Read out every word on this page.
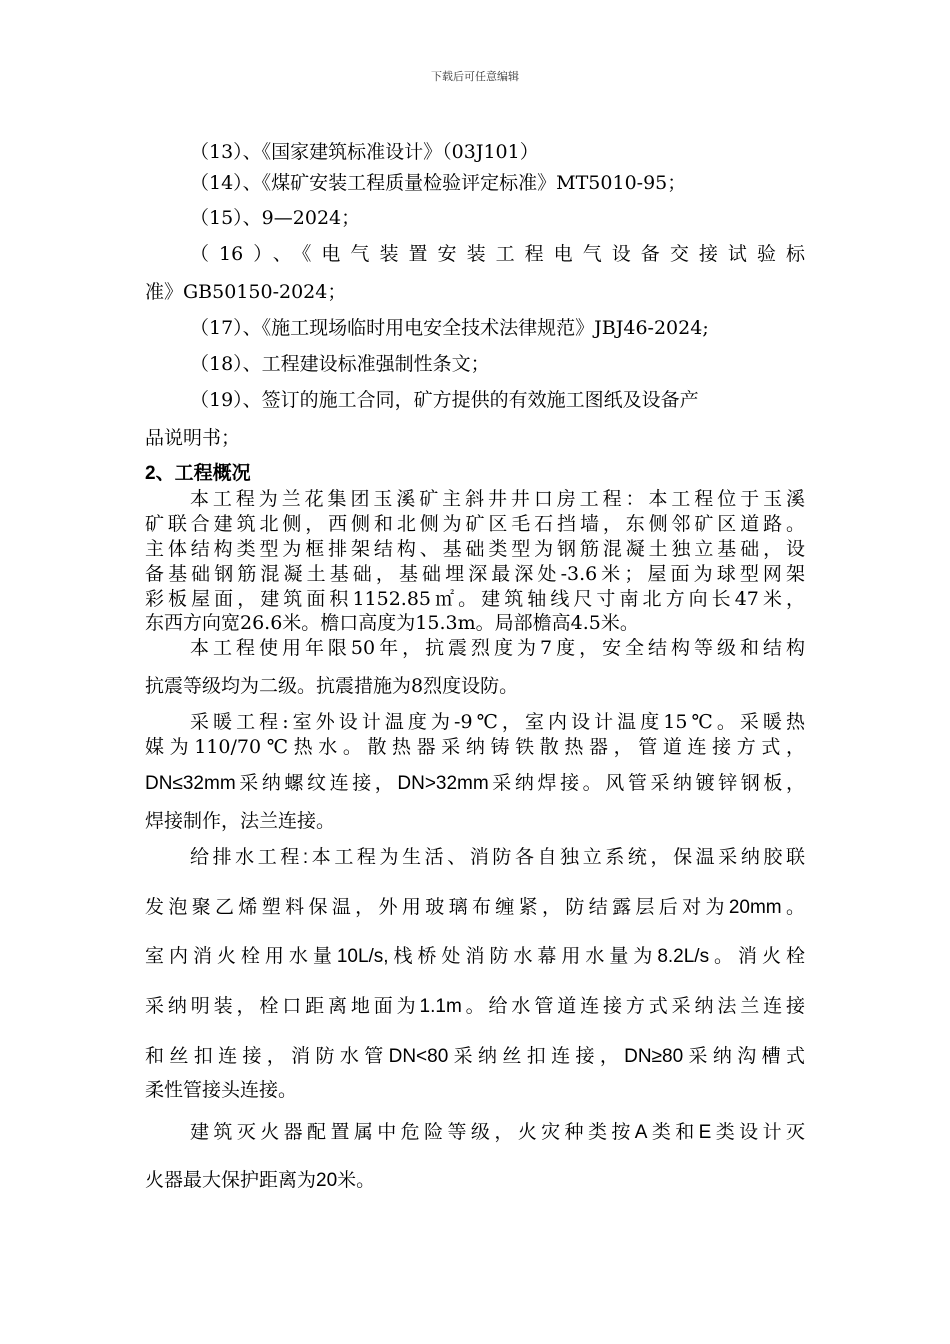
下载后可任意编辑
（13）、《国家建筑标准设计》（03J101）
（14）、《煤矿安装工程质量检验评定标准》MT5010-95；
（15）、9—2024；
（16）、《电气装置安装工程电气设备交接试验标
准》GB50150-2024；
（17）、《施工现场临时用电安全技术法律规范》JBJ46-2024;
（18）、工程建设标准强制性条文；
（19）、签订的施工合同，矿方提供的有效施工图纸及设备产
品说明书；
2、工程概况
本工程为兰花集团玉溪矿主斜井井口房工程：本工程位于玉溪
矿联合建筑北侧，西侧和北侧为矿区毛石挡墙，东侧邻矿区道路。
主体结构类型为框排架结构、基础类型为钢筋混凝土独立基础，设
备基础钢筋混凝土基础，基础埋深最深处-3.6米；屋面为球型网架
彩板屋面，建筑面积1152.85㎡。建筑轴线尺寸南北方向长47米，
东西方向宽26.6米。檐口高度为15.3m。局部檐高4.5米。
本工程使用年限50年，抗震烈度为7度，安全结构等级和结构
抗震等级均为二级。抗震措施为8烈度设防。
采暖工程:室外设计温度为-9℃，室内设计温度15℃。采暖热
媒为110/70℃热水。散热器采纳铸铁散热器，管道连接方式，
DN≤32mm采纳螺纹连接，DN>32mm采纳焊接。风管采纳镀锌钢板，
焊接制作，法兰连接。
给排水工程:本工程为生活、消防各自独立系统，保温采纳胶联
发泡聚乙烯塑料保温，外用玻璃布缠紧，防结露层后对为20mm。
室内消火栓用水量10L/s,栈桥处消防水幕用水量为8.2L/s。消火栓
采纳明装，栓口距离地面为1.1m。给水管道连接方式采纳法兰连接
和丝扣连接，消防水管DN<80采纳丝扣连接，DN≥80采纳沟槽式
柔性管接头连接。
建筑灭火器配置属中危险等级，火灾种类按A类和E类设计灭
火器最大保护距离为20米。
